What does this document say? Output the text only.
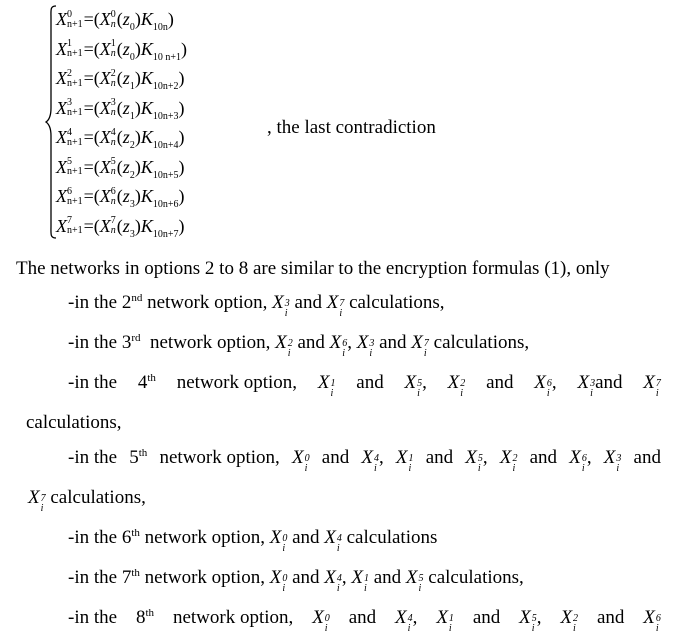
X 0
n+1 =(X 0
n $(z_0)K_{10n}$)
X 1
n+1 =(X 1
n $(z_0)K_{10 n+1}$)
X 2
n+1 =(X 2
n $(z_1)K_{10n+2}$)
X 3
n+1 =(X 3
n $(z_1)K_{10n+3}$)
X 4
n+1 =(X 4
n $(z_2)K_{10n+4}$)
X 5
n+1 =(X 5
n $(z_2)K_{10n+5}$)
X 6
n+1 =(X 6
n $(z_3)K_{10n+6}$)
X 7
n+1 =(X 7
n $(z_3)K_{10n+7}$)
, the last contradiction
The networks in options 2 to 8 are similar to the encryption formulas (1), only
-in the 2nd network option, X 3
i
and X 7
i
calculations,
-in the 3rd network option, X 2
i
and X 6
i
, X 3
i
and X 7
i
calculations,
-in the 4th network option, X 1
i
and X 5
i
, X 2
i
and X 6
i
, X 3
i
and X 7
i
calculations,
-in the 5th network option, X 0
i
and X 4
i
, X 1
i
and X 5
i
, X 2
i
and X 6
i
, X 3
i
and
X 7
i
calculations,
-in the 6th network option, X 0
i
and X 4
i
calculations
-in the 7th network option, X 0
i
and X 4
i
, X 1
i
and X 5
i
calculations,
-in the 8th network option, X 0
i
and X 4
i
, X 1
i
and X 5
i
, X 2
i
and X 6
i
